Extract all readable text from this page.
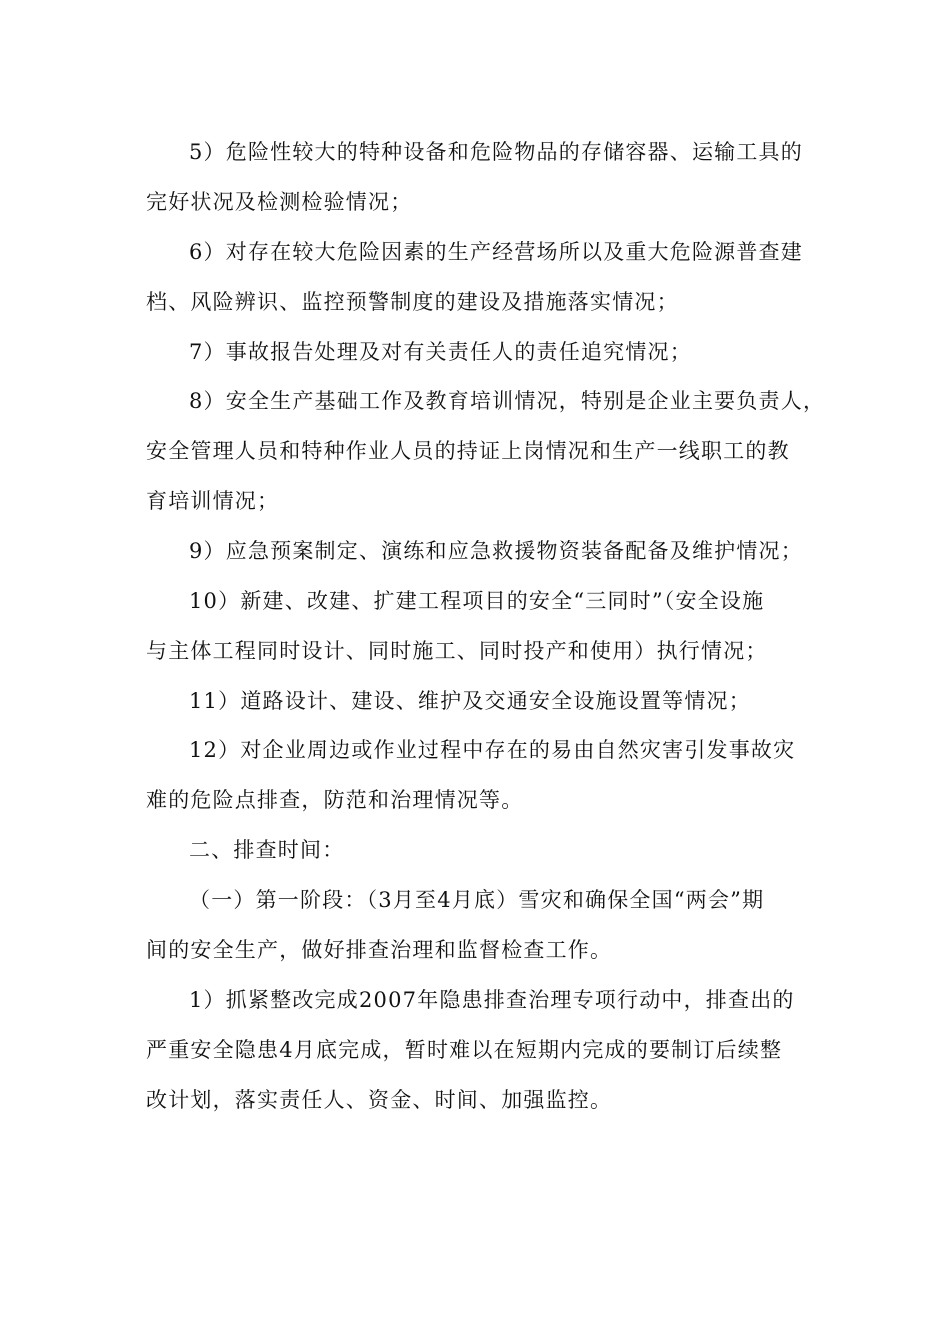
5）危险性较大的特种设备和危险物品的存储容器、运输工具的
完好状况及检测检验情况；
6）对存在较大危险因素的生产经营场所以及重大危险源普查建
档、风险辨识、监控预警制度的建设及措施落实情况；
7）事故报告处理及对有关责任人的责任追究情况；
8）安全生产基础工作及教育培训情况，特别是企业主要负责人，
安全管理人员和特种作业人员的持证上岗情况和生产一线职工的教
育培训情况；
9）应急预案制定、演练和应急救援物资装备配备及维护情况；
10）新建、改建、扩建工程项目的安全“三同时”（安全设施
与主体工程同时设计、同时施工、同时投产和使用）执行情况；
11）道路设计、建设、维护及交通安全设施设置等情况；
12）对企业周边或作业过程中存在的易由自然灾害引发事故灾
难的危险点排查，防范和治理情况等。
二、排查时间：
（一）第一阶段：（3月至4月底）雪灾和确保全国“两会”期
间的安全生产，做好排查治理和监督检查工作。
1）抓紧整改完成2007年隐患排查治理专项行动中，排查出的
严重安全隐患4月底完成，暂时难以在短期内完成的要制订后续整
改计划，落实责任人、资金、时间、加强监控。
